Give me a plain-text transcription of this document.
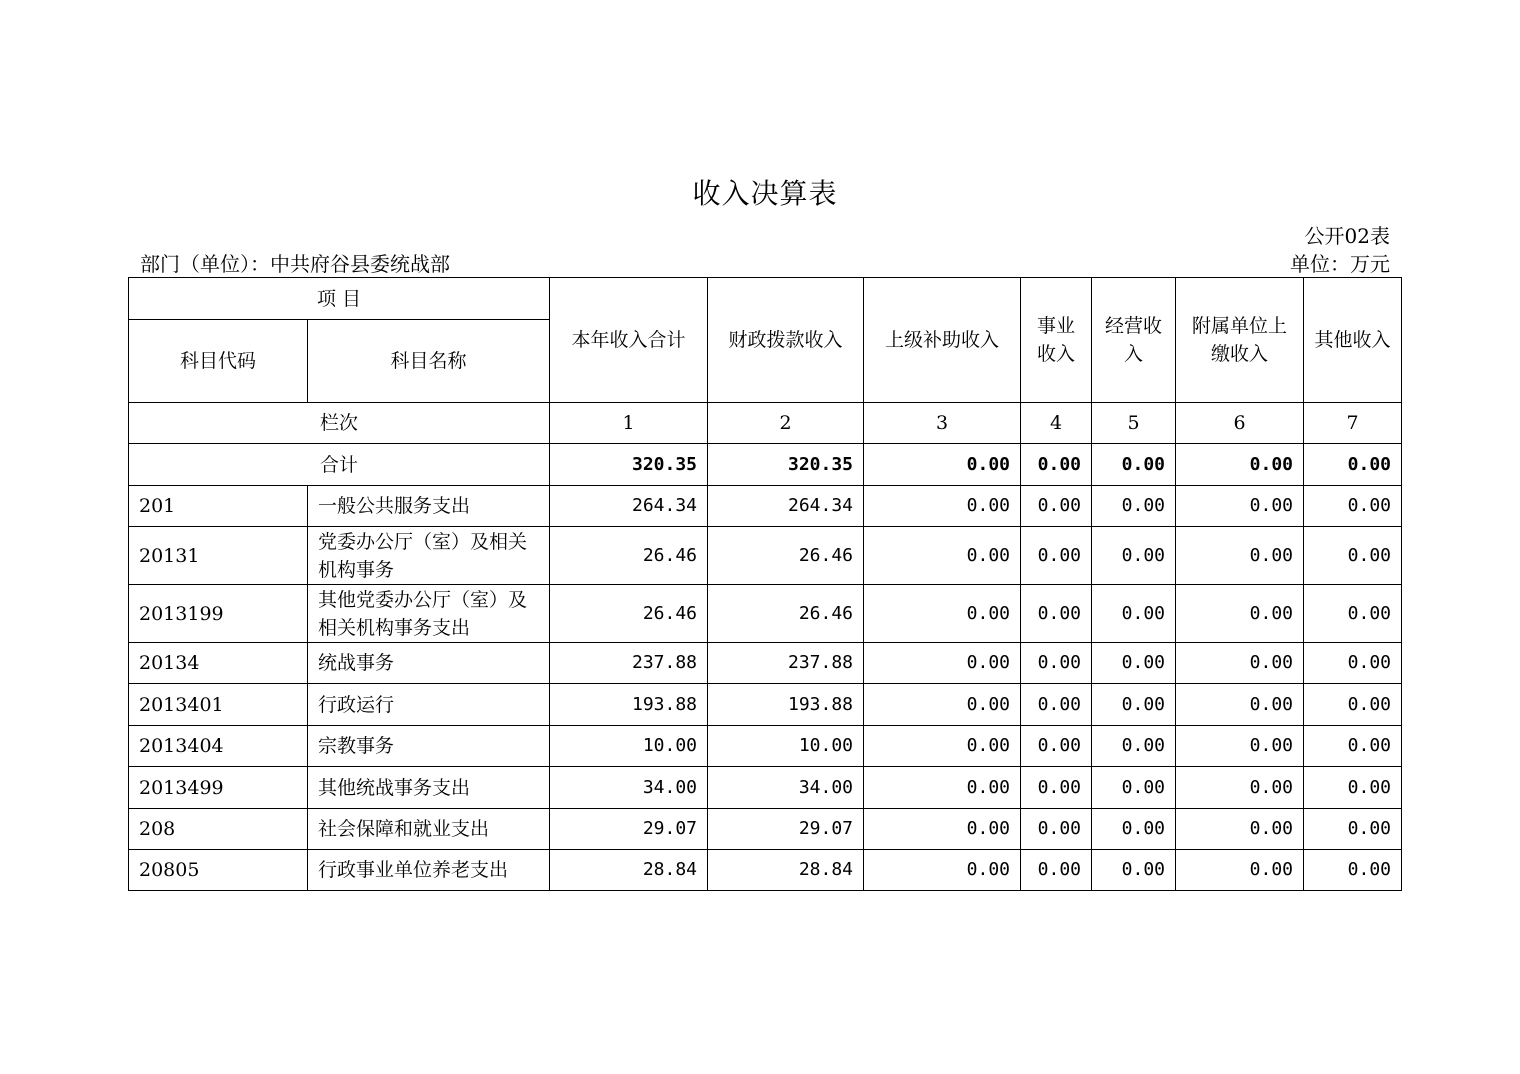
收入决算表
公开02表
部门（单位）：中共府谷县委统战部	单位：万元
项 目		本年收入合计	财政拨款收入	上级补助收入	事业收入	经营收入	附属单位上缴收入	其他收入
科目代码	科目名称							
栏次		1	2	3	4	5	6	7
合计		320.35	320.35	0.00	0.00	0.00	0.00	0.00
201	一般公共服务支出	264.34	264.34	0.00	0.00	0.00	0.00	0.00
20131	党委办公厅（室）及相关机构事务	26.46	26.46	0.00	0.00	0.00	0.00	0.00
2013199	其他党委办公厅（室）及相关机构事务支出	26.46	26.46	0.00	0.00	0.00	0.00	0.00
20134	统战事务	237.88	237.88	0.00	0.00	0.00	0.00	0.00
2013401	行政运行	193.88	193.88	0.00	0.00	0.00	0.00	0.00
2013404	宗教事务	10.00	10.00	0.00	0.00	0.00	0.00	0.00
2013499	其他统战事务支出	34.00	34.00	0.00	0.00	0.00	0.00	0.00
208	社会保障和就业支出	29.07	29.07	0.00	0.00	0.00	0.00	0.00
20805	行政事业单位养老支出	28.84	28.84	0.00	0.00	0.00	0.00	0.00
